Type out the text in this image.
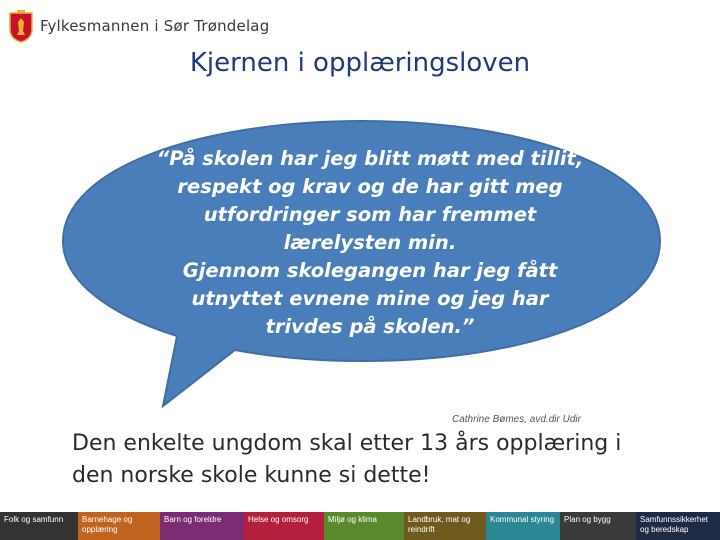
Fylkesmannen i Sør Trøndelag
Kjernen i opplæringsloven
“På skolen har jeg blitt møtt med tillit,
respekt og krav og de har gitt meg
utfordringer som har fremmet
lærelysten min.
Gjennom skolegangen har jeg fått
utnyttet evnene mine og jeg har
trivdes på skolen.”
Cathrine Bømes, avd.dir Udir
Den enkelte ungdom skal etter 13 års opplæring i
den norske skole kunne si dette!
Folk og samfunn	Barnehage og opplæring
Barn og foreldre	Helse og omsorg	Miljø og klima	Landbruk, mat og reindrift
Kommunal styring	Plan og bygg	Samfunnssikkerhet og beredskap
